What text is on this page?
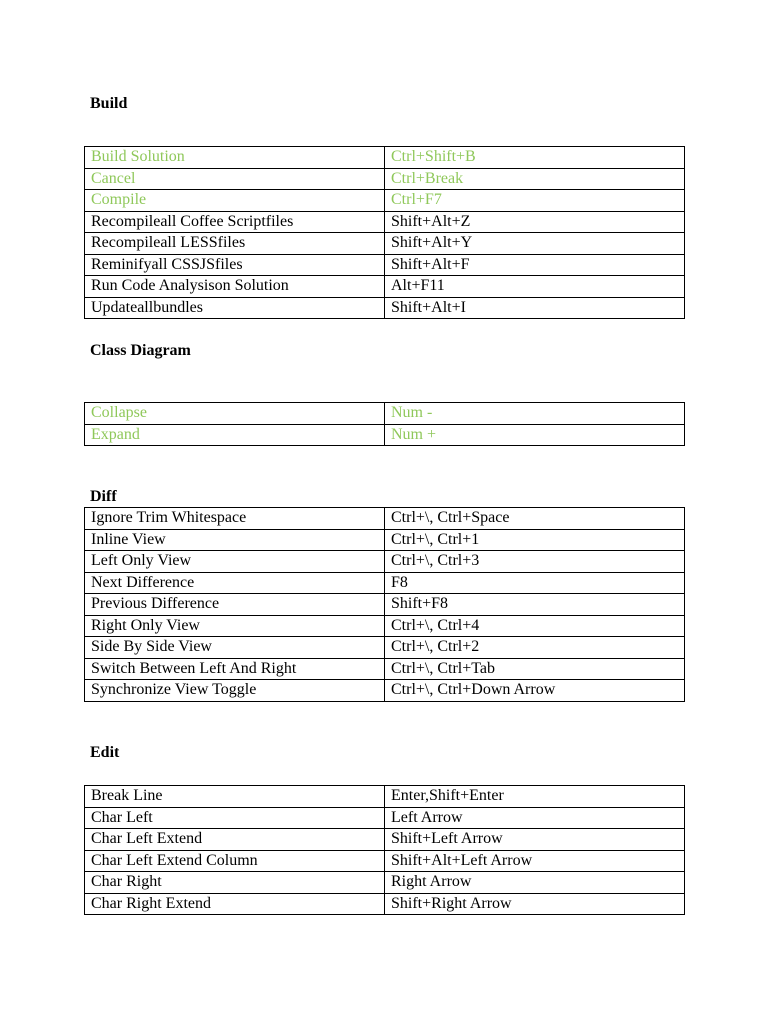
Build
Build Solution	Ctrl+Shift+B
Cancel	Ctrl+Break
Compile	Ctrl+F7
Recompileall Coffee Scriptfiles	Shift+Alt+Z
Recompileall LESSfiles	Shift+Alt+Y
Reminifyall CSSJSfiles	Shift+Alt+F
Run Code Analysison Solution	Alt+F11
Updateallbundles	Shift+Alt+I
Class Diagram
Collapse	Num -
Expand	Num +
Diff
Ignore Trim Whitespace	Ctrl+\, Ctrl+Space
Inline View	Ctrl+\, Ctrl+1
Left Only View	Ctrl+\, Ctrl+3
Next Difference	F8
Previous Difference	Shift+F8
Right Only View	Ctrl+\, Ctrl+4
Side By Side View	Ctrl+\, Ctrl+2
Switch Between Left And Right	Ctrl+\, Ctrl+Tab
Synchronize View Toggle	Ctrl+\, Ctrl+Down Arrow
Edit
Break Line	Enter,Shift+Enter
Char Left	Left Arrow
Char Left Extend	Shift+Left Arrow
Char Left Extend Column	Shift+Alt+Left Arrow
Char Right	Right Arrow
Char Right Extend	Shift+Right Arrow
